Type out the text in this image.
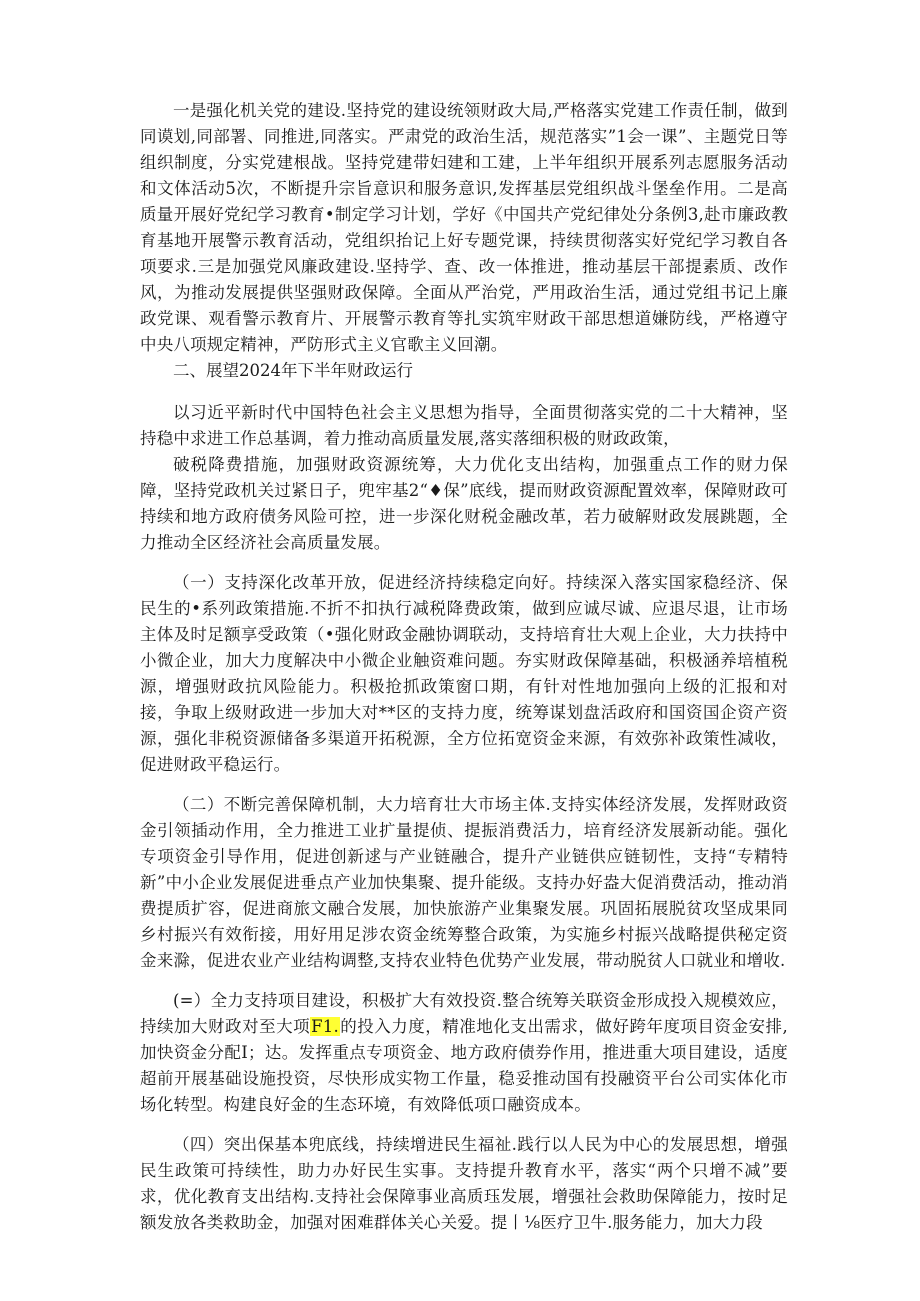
一是强化机关党的建设.坚持党的建设统领财政大局,严格落实党建工作责任制，做到同谟划,同部署、同推进,同落实。严肃党的政治生活，规范落实”1会一课”、主题党日等组织制度，分实党建根战。坚持党建带妇建和工建，上半年组织开展系列志愿服务活动和文体活动5次，不断提升宗旨意识和服务意识,发挥基层党组织战斗堡垒作用。二是高质量开展好党纪学习教育•制定学习计划，学好《中国共产党纪律处分条例3,赴市廉政教育基地开展警示教育活动，党组织抬记上好专题党课，持续贯彻落实好党纪学习教自各项要求.三是加强党风廉政建设.坚持学、查、改一体推进，推动基层干部提素质、改作风，为推动发展提供坚强财政保障。全面从严治党，严用政治生活，通过党组书记上廉政党课、观看警示教育片、开展警示教育等扎实筑牢财政干部思想道嫌防线，严格遵守中央八项规定精神，严防形式主义官歌主义回潮。

二、展望2024年下半年财政运行

以习近平新时代中国特色社会主义思想为指导，全面贯彻落实党的二十大精神，坚持稳中求进工作总基调，着力推动高质量发展,落实落细积极的财政政策，

破税降费措施，加强财政资源统筹，大力优化支出结构，加强重点工作的财力保障，坚持党政机关过紧日子，兜牢基2“♦保”底线，提而财政资源配置效率，保障财政可持续和地方政府债务风险可控，进一步深化财税金融改革，若力破解财政发展跳题，全力推动全区经济社会高质量发展。

（一）支持深化改革开放，促进经济持续稳定向好。持续深入落实国家稳经济、保民生的•系列政策措施.不折不扣执行减税降费政策，做到应诚尽诚、应退尽退，让市场主体及时足额享受政策（•强化财政金融协调联动，支持培育壮大观上企业，大力扶持中小微企业，加大力度解决中小微企业触资难问题。夯实财政保障基础，积极涵养培植税源，增强财政抗风险能力。积极抢抓政策窗口期，有针对性地加强向上级的汇报和对接，争取上级财政进一步加大对**区的支持力度，统筹谋划盘活政府和国资国企资产资源，强化非税资源储备多渠道开拓税源，全方位拓宽资金来源，有效弥补政策性减收，促进财政平稳运行。

（二）不断完善保障机制，大力培育壮大市场主体.支持实体经济发展，发挥财政资金引领插动作用，全力推进工业扩量提侦、提振消费活力，培育经济发展新动能。强化专项资金引导作用，促进创新逑与产业链融合，提升产业链供应链韧性，支持“专精特新”中小企业发展促进垂点产业加快集聚、提升能级。支持办好盎大促消费活动，推动消费提质扩容，促进商旅文融合发展，加快旅游产业集聚发展。巩固拓展脱贫攻坚成果同乡村振兴有效衔接，用好用足涉农资金统筹整合政策，为实施乡村振兴战略提供秘定资金来滁，促进农业产业结构调整,支持农业特色优势产业发展，带动脱贫人口就业和增收.

(=）全力支持项目建设，积极扩大有效投资.整合统筹关联资金形成投入规模效应，持续加大财政对至大项F1.的投入力度，精准地化支出需求，做好跨年度项目资金安排,加快资金分配I；达。发挥重点专项资金、地方政府债券作用，推进重大项目建设，适度超前开展基础设施投资，尽快形成实物工作量，稳妥推动国有投融资平台公司实体化市场化转型。构建良好金的生态环境，有效降低项口融资成本。

（四）突出保基本兜底线，持续增进民生福祉.践行以人民为中心的发展思想，增强民生政策可持续性，助力办好民生实事。支持提升教育水平，落实“两个只增不减”要求，优化教育支出结构.支持社会保障事业高质珏发展，增强社会救助保障能力，按时足额发放各类救助金，加强对困难群体关心关爱。提丨⅛医疗卫牛.服务能力，加大力段
